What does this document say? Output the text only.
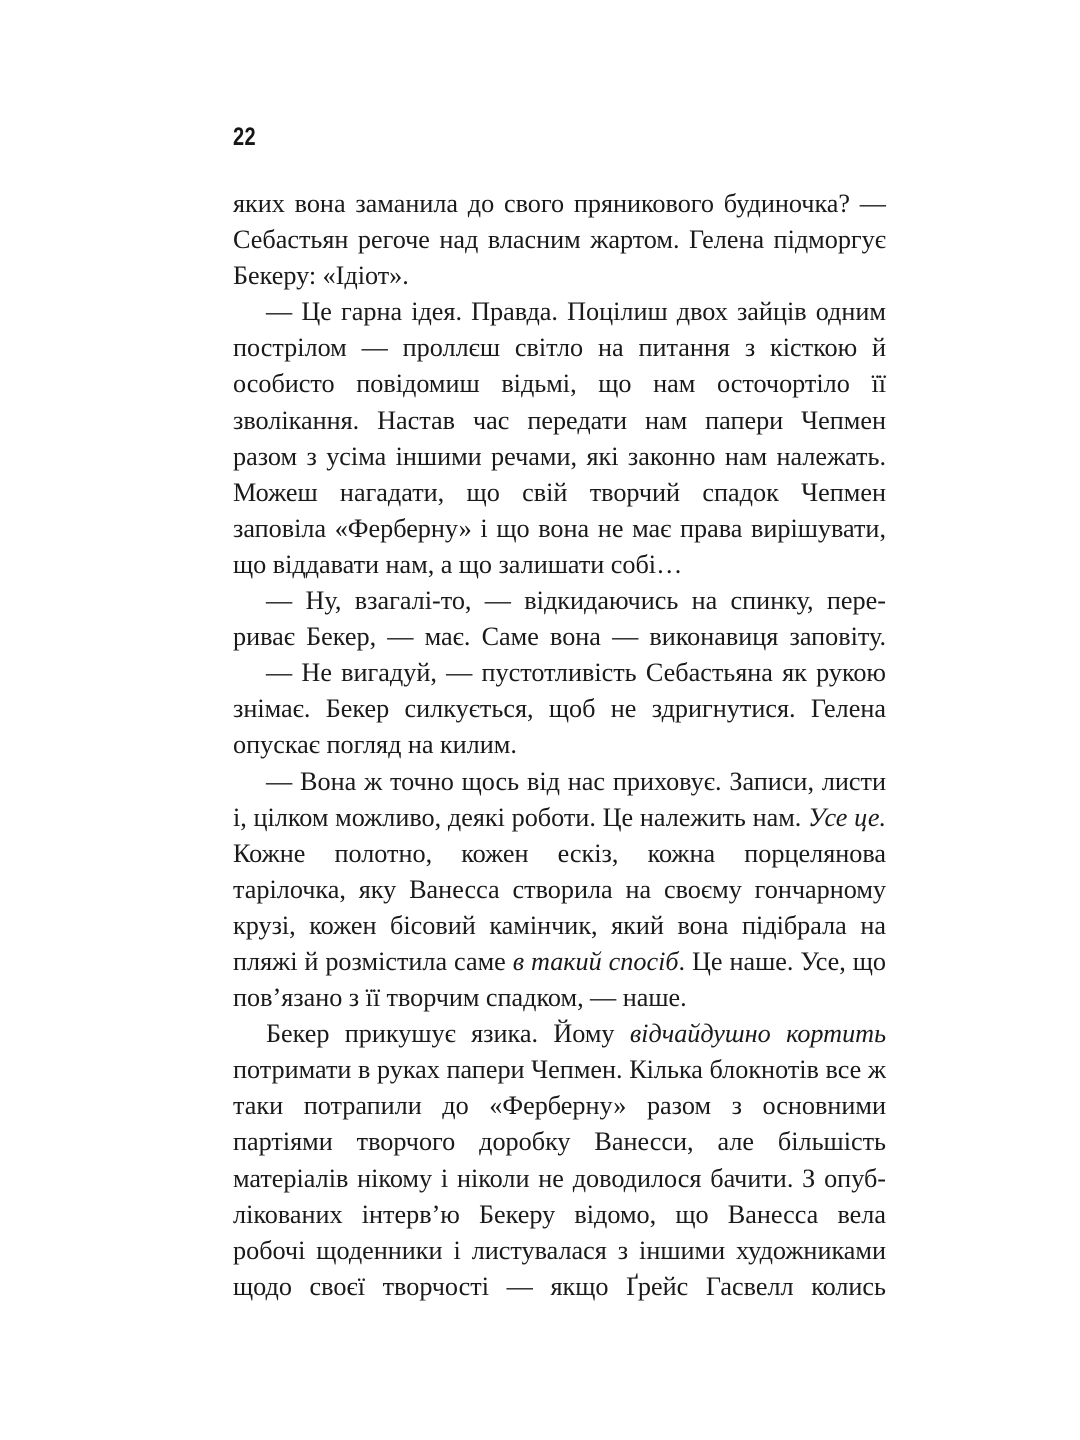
22

яких вона заманила до свого пряникового будиночка? — Себастьян регоче над власним жартом. Гелена підморгує Бекеру: «Ідіот».

— Це гарна ідея. Правда. Поцілиш двох зайців одним пострілом — проллєш світло на питання з кісткою й особисто повідомиш відьмі, що нам осточортіло її зволікання. Настав час передати нам папери Чепмен разом з усіма іншими речами, які законно нам належать. Можеш нагадати, що свій творчий спадок Чепмен заповіла «Ферберну» і що вона не має права вирішувати, що віддавати нам, а що залишати собі…

— Ну, взагалі-то, — відкидаючись на спинку, перериває Бекер, — має. Саме вона — виконавиця заповіту.

— Не вигадуй, — пустотливість Себастьяна як рукою знімає. Бекер силкується, щоб не здригнутися. Гелена опускає погляд на килим.

— Вона ж точно щось від нас приховує. Записи, листи і, цілком можливо, деякі роботи. Це належить нам. Усе це. Кожне полотно, кожен ескіз, кожна порцелянова тарілочка, яку Ванесса створила на своєму гончарному крузі, кожен бісовий камінчик, який вона підібрала на пляжі й розмістила саме в такий спосіб. Це наше. Усе, що пов’язано з її творчим спадком, — наше.

Бекер прикушує язика. Йому відчайдушно кортить потримати в руках папери Чепмен. Кілька блокнотів все ж таки потрапили до «Ферберну» разом з основними партіями творчого доробку Ванесси, але більшість матеріалів нікому і ніколи не доводилося бачити. З опублікованих інтерв’ю Бекеру відомо, що Ванесса вела робочі щоденники і листувалася з іншими художниками щодо своєї творчості — якщо Ґрейс Гасвелл колись
